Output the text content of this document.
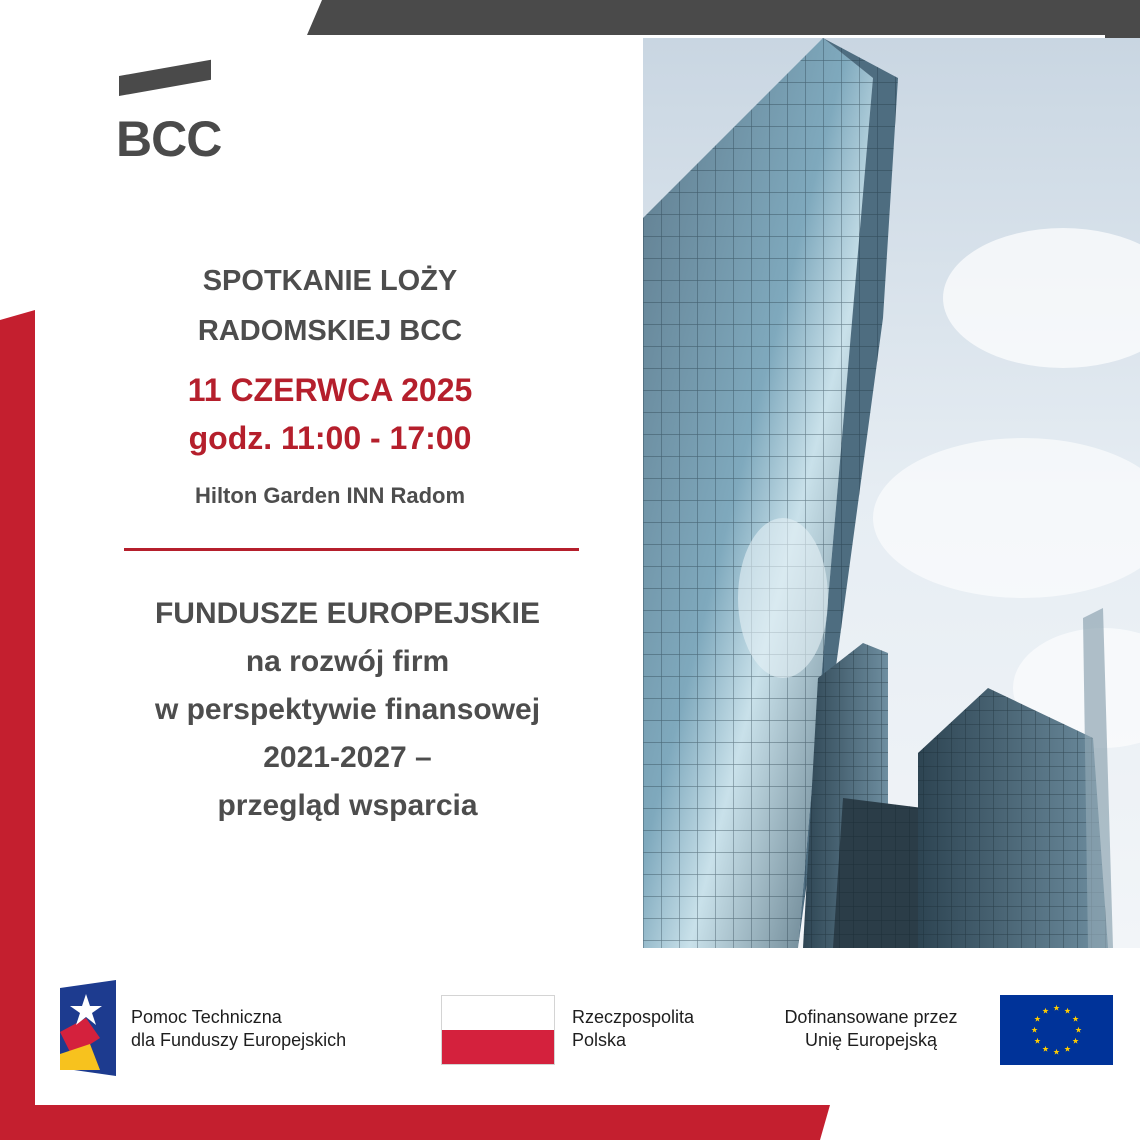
BCC
SPOTKANIE LOŻY
RADOMSKIEJ BCC
11 CZERWCA 2025
godz. 11:00 - 17:00
Hilton Garden INN Radom
FUNDUSZE EUROPEJSKIE
na rozwój firm
w perspektywie finansowej
2021-2027 –
przegląd wsparcia
Pomoc Techniczna
dla Funduszy Europejskich
Rzeczpospolita
Polska
Dofinansowane przez
Unię Europejską
